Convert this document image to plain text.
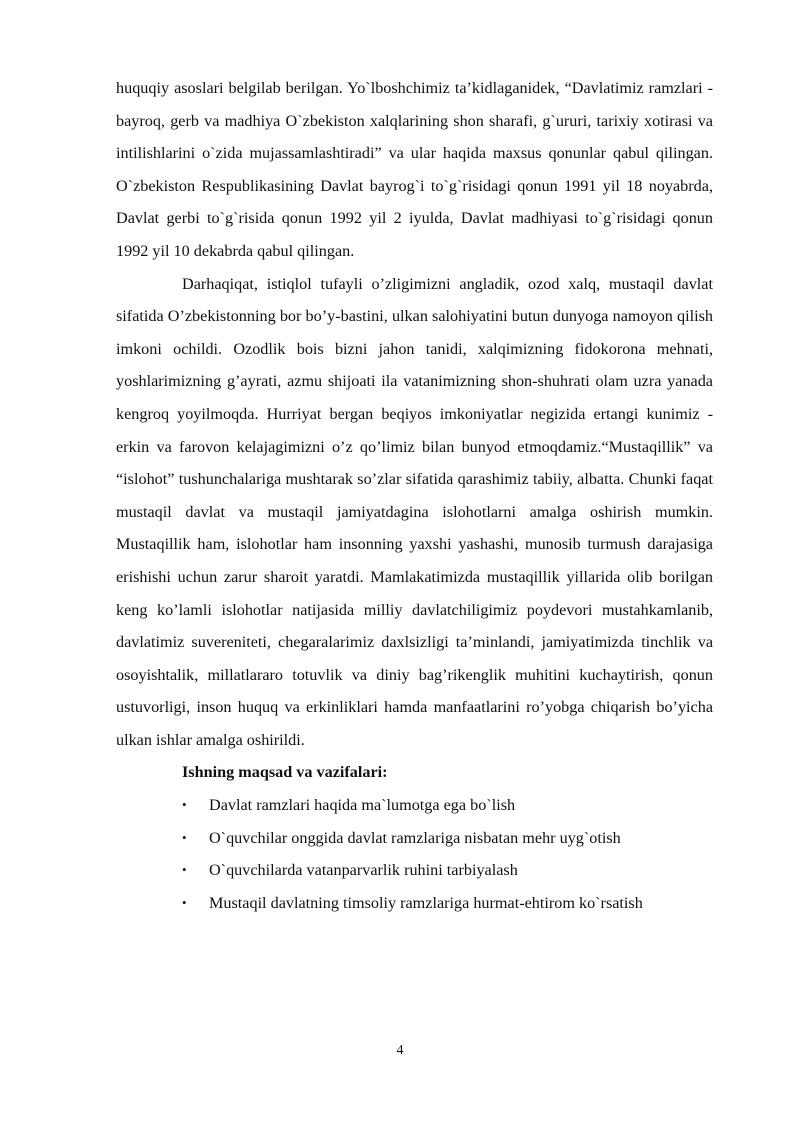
huquqiy asoslari belgilab berilgan. Yo`lboshchimiz ta’kidlaganidek, “Davlatimiz ramzlari - bayroq, gerb va madhiya O`zbekiston xalqlarining shon sharafi, g`ururi, tarixiy xotirasi va intilishlarini o`zida mujassamlashtiradi” va ular haqida maxsus qonunlar qabul qilingan. O`zbekiston Respublikasining Davlat bayrog`i to`g`risidagi qonun 1991 yil 18 noyabrda, Davlat gerbi to`g`risida qonun 1992 yil 2 iyulda, Davlat madhiyasi to`g`risidagi qonun 1992 yil 10 dekabrda qabul qilingan.

Darhaqiqat, istiqlol tufayli o’zligimizni angladik, ozod xalq, mustaqil davlat sifatida O’zbekistonning bor bo’y-bastini, ulkan salohiyatini butun dunyoga namoyon qilish imkoni ochildi. Ozodlik bois bizni jahon tanidi, xalqimizning fidokorona mehnati, yoshlarimizning g’ayrati, azmu shijoati ila vatanimizning shon-shuhrati olam uzra yanada kengroq yoyilmoqda. Hurriyat bergan beqiyos imkoniyatlar negizida ertangi kunimiz - erkin va farovon kelajagimizni o’z qo’limiz bilan bunyod etmoqdamiz.“Mustaqillik” va “islohot” tushunchalariga mushtarak so’zlar sifatida qarashimiz tabiiy, albatta. Chunki faqat mustaqil davlat va mustaqil jamiyatdagina islohotlarni amalga oshirish mumkin. Mustaqillik ham, islohotlar ham insonning yaxshi yashashi, munosib turmush darajasiga erishishi uchun zarur sharoit yaratdi. Mamlakatimizda mustaqillik yillarida olib borilgan keng ko’lamli islohotlar natijasida milliy davlatchiligimiz poydevori mustahkamlanib, davlatimiz suvereniteti, chegaralarimiz daxlsizligi ta’minlandi, jamiyatimizda tinchlik va osoyishtalik, millatlararo totuvlik va diniy bag’rikenglik muhitini kuchaytirish, qonun ustuvorligi, inson huquq va erkinliklari hamda manfaatlarini ro’yobga chiqarish bo’yicha ulkan ishlar amalga oshirildi.

Ishning maqsad va vazifalari:

• Davlat ramzlari haqida ma`lumotga ega bo`lish
• O`quvchilar onggida davlat ramzlariga nisbatan mehr uyg`otish
• O`quvchilarda vatanparvarlik ruhini tarbiyalash
• Mustaqil davlatning timsoliy ramzlariga hurmat-ehtirom ko`rsatish
4
